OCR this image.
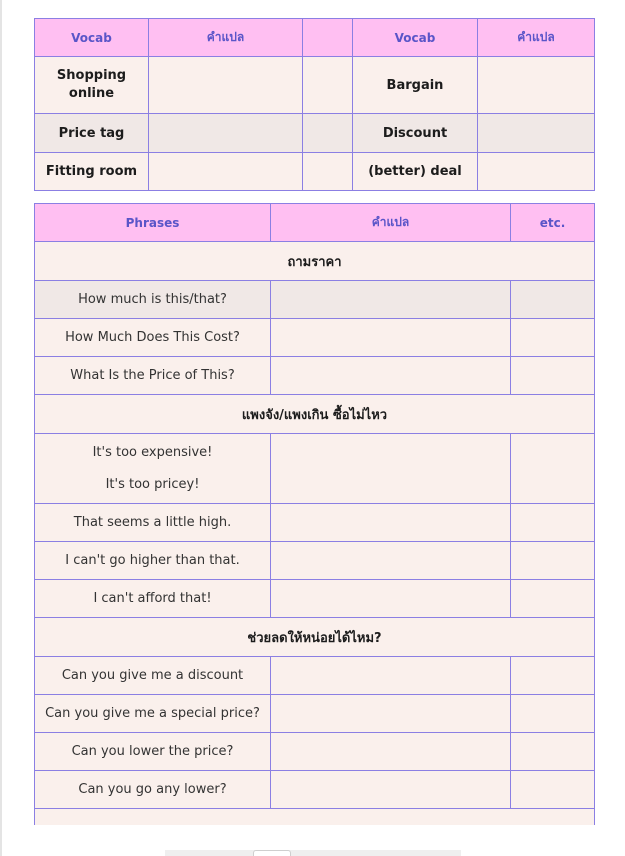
Vocab	คำแปล		Vocab	คำแปล
Shopping online			Bargain	
Price tag			Discount	
Fitting room			(better) deal	
Phrases	คำแปล	etc.
ถามราคา		
How much is this/that?		
How Much Does This Cost?		
What Is the Price of This?		
แพงจัง/แพงเกิน ซื้อไม่ไหว		

It's too expensive!
It's too pricey!		

That seems a little high.		
I can't go higher than that.		
I can't afford that!		
ช่วยลดให้หน่อยได้ไหม?		
Can you give me a discount		
Can you give me a special price?		
Can you lower the price?		
Can you go any lower?		
